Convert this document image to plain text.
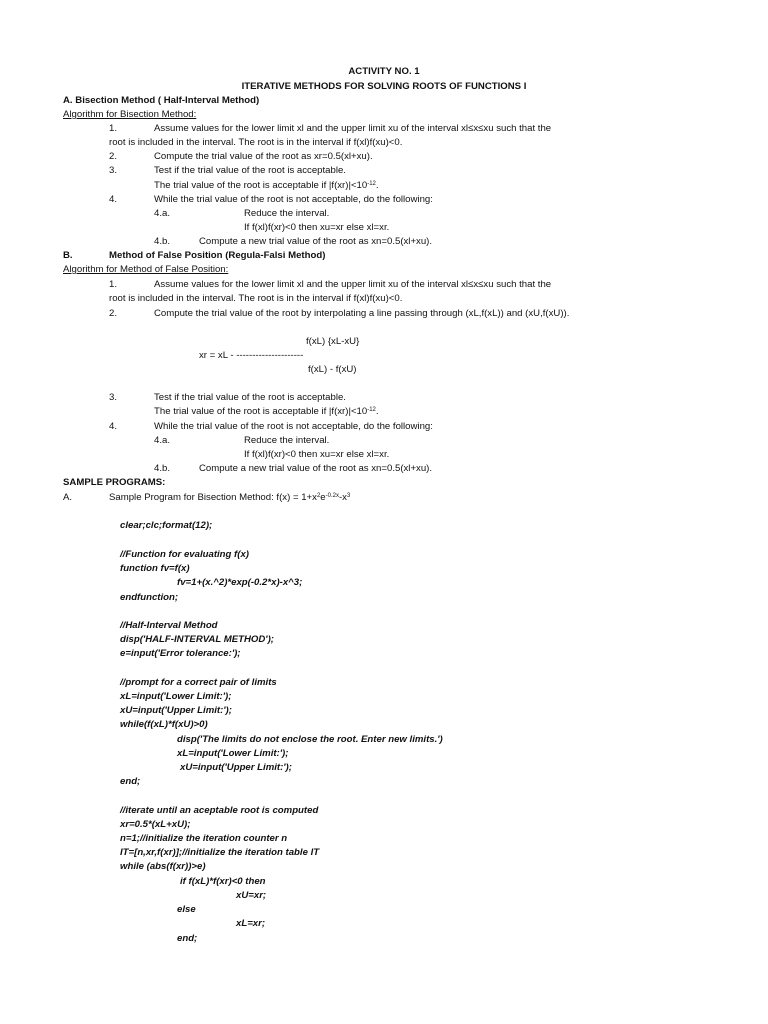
ACTIVITY NO. 1
ITERATIVE METHODS FOR SOLVING ROOTS OF FUNCTIONS I
A. Bisection Method ( Half-Interval Method)
Algorithm for Bisection Method:
1.	Assume values for the lower limit xl and the upper limit xu of the interval xl≤x≤xu such that the
root is included in the interval. The root is in the interval if f(xl)f(xu)<0.
2.	Compute the trial value of the root as xr=0.5(xl+xu).
3.	Test if the trial value of the root is acceptable.
The trial value of the root is acceptable if $|f(xr)|<10^{-12}$.
4.	While the trial value of the root is not acceptable, do the following:
4.a.	Reduce the interval.
If f(xl)f(xr)<0 then xu=xr else xl=xr.
4.b.	Compute a new trial value of the root as xn=0.5(xl+xu).
B.	Method of False Position (Regula-Falsi Method)
Algorithm for Method of False Position:
1.	Assume values for the lower limit xl and the upper limit xu of the interval xl≤x≤xu such that the
root is included in the interval. The root is in the interval if f(xl)f(xu)<0.
2.	Compute the trial value of the root by interpolating a line passing through (xL,f(xL)) and (xU,f(xU)).
f(xL) {xL-xU}
xr = xL - ---------------------
f(xL) - f(xU)
3.	Test if the trial value of the root is acceptable.
The trial value of the root is acceptable if $|f(xr)|<10^{-12}$.
4.	While the trial value of the root is not acceptable, do the following:
4.a.	Reduce the interval.
If f(xl)f(xr)<0 then xu=xr else xl=xr.
4.b.	Compute a new trial value of the root as xn=0.5(xl+xu).
SAMPLE PROGRAMS:
A.	Sample Program for Bisection Method: $f(x) = 1+x^2e^{-0.2x}-x^3$
clear;clc;format(12);
//Function for evaluating f(x)
function fv=f(x)
fv=1+(x.^2)*exp(-0.2*x)-x^3;
endfunction;
//Half-Interval Method
disp('HALF-INTERVAL METHOD');
e=input('Error tolerance:');
//prompt for a correct pair of limits
xL=input('Lower Limit:');
xU=input('Upper Limit:');
while(f(xL)*f(xU)>0)
disp('The limits do not enclose the root. Enter new limits.')
xL=input('Lower Limit:');
xU=input('Upper Limit:');
end;
//iterate until an aceptable root is computed
xr=0.5*(xL+xU);
n=1;//initialize the iteration counter n
IT=[n,xr,f(xr)];//initialize the iteration table IT
while (abs(f(xr))>e)
if f(xL)*f(xr)<0 then
xU=xr;
else
xL=xr;
end;
